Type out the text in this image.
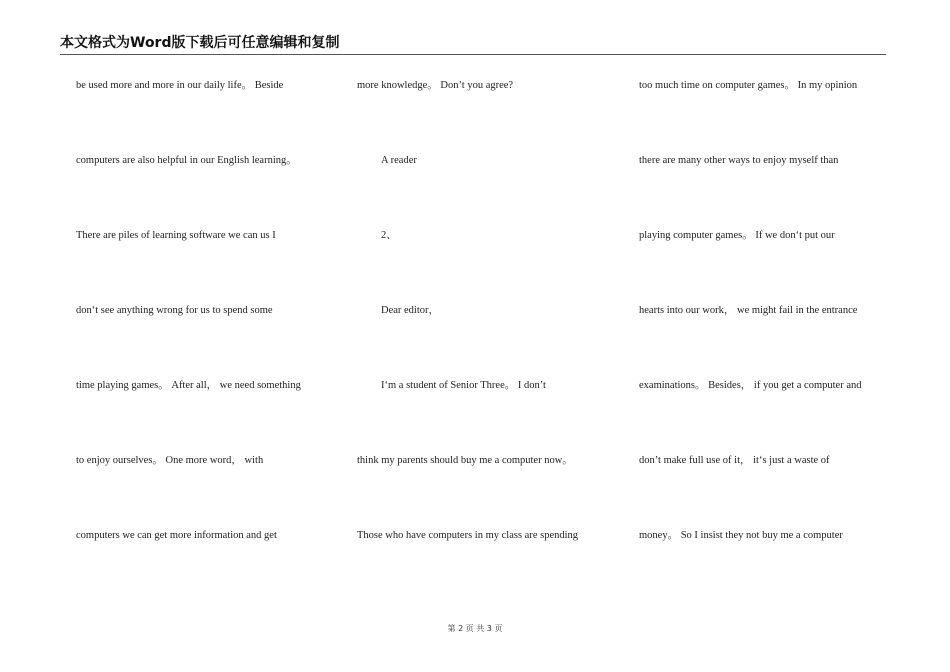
本文格式为Word版下载后可任意编辑和复制
be used more and more in our daily life。 Beside
computers are also helpful in our English learning。
There are piles of learning software we can us I
don‘t see anything wrong for us to spend some
time playing games。 After all， we need something
to enjoy ourselves。 One more word， with
computers we can get more information and get
more knowledge。 Don’t you agree?
A reader
2、
Dear editor，
I‘m a student of Senior Three。 I don’t
think my parents should buy me a computer now。
Those who have computers in my class are spending
too much time on computer games。 In my opinion
there are many other ways to enjoy myself than
playing computer games。 If we don‘t put our
hearts into our work， we might fail in the entrance
examinations。 Besides， if you get a computer and
don’t make full use of it， it‘s just a waste of
money。 So I insist they not buy me a computer
第 2 页 共 3 页
